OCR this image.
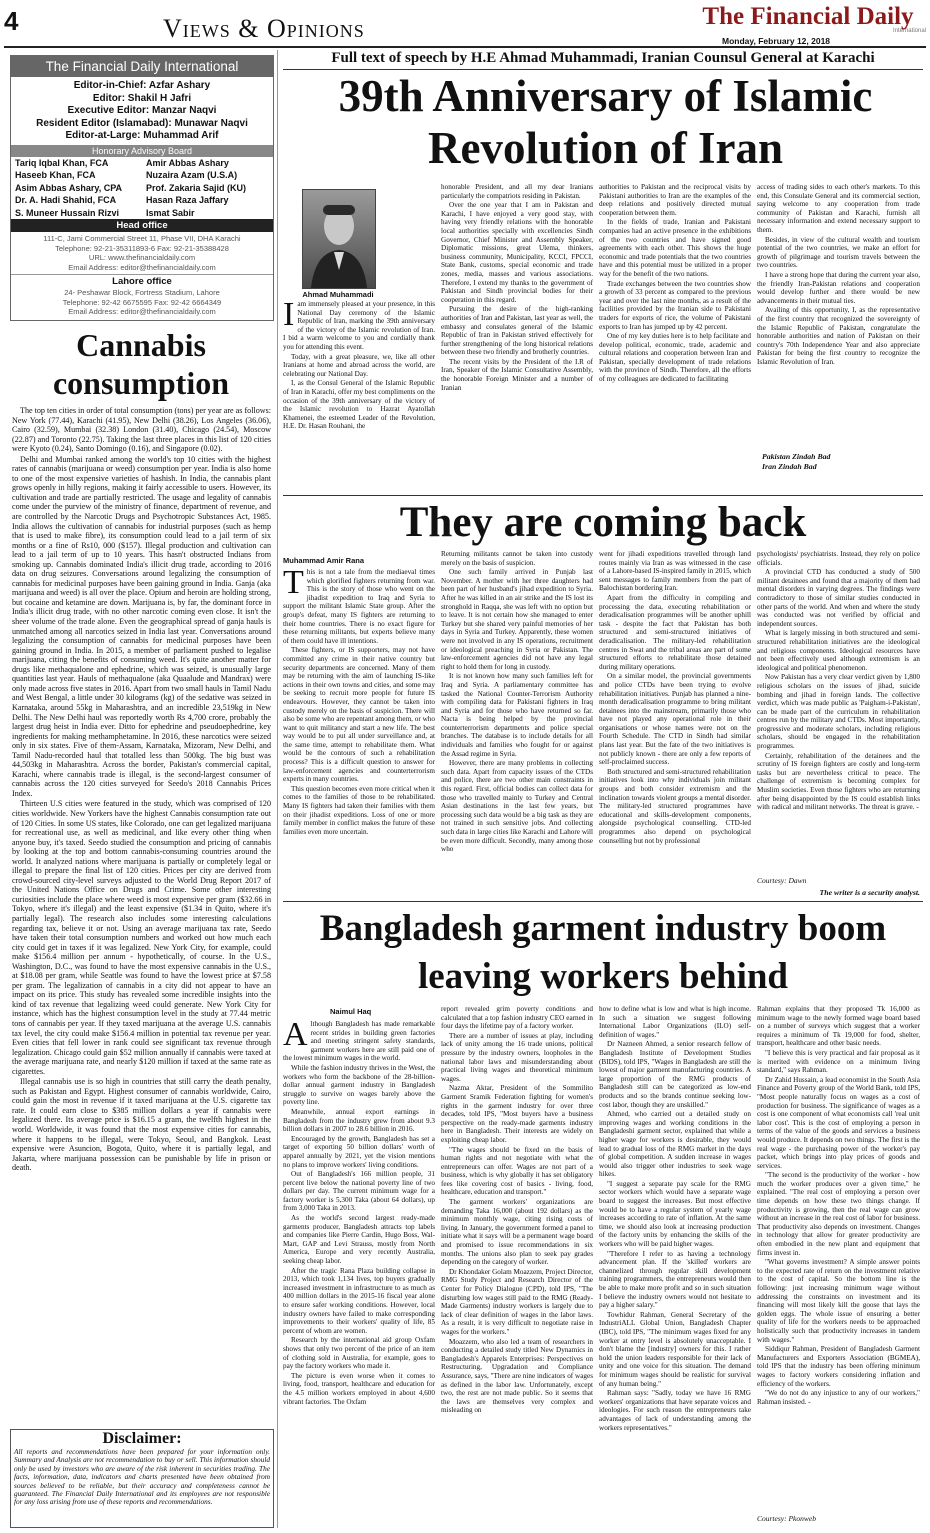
4	Views & Opinions	The Financial Daily
International
Monday, February 12, 2018
The Financial Daily International
Editor-in-Chief: Azfar Ashary
Editor: Shakil H Jafri
Executive Editor: Manzar Naqvi
Resident Editor (Islamabad): Munawar Naqvi
Editor-at-Large: Muhammad Arif
Honorary Advisory Board
Tariq Iqbal Khan, FCA	Amir Abbas Ashary
Haseeb Khan, FCA	Nuzaira Azam (U.S.A)
Asim Abbas Ashary, CPA	Prof. Zakaria Sajid (KU)
Dr. A. Hadi Shahid, FCA	Hasan Raza Jaffary
S. Muneer Hussain Rizvi	Ismat Sabir
Head office
111-C, Jami Commercial Street 11, Phase VII, DHA Karachi
Telephone: 92-21-35311893-6 Fax: 92-21-35388428
URL: www.thefinancialdaily.com
Email Address: editor@thefinancialdaily.com
Lahore office
24- Peshawar Block, Fortress Stadium, Lahore
Telephone: 92-42 6675595 Fax: 92-42 6664349
Email Address: editor@thefinancialdaily.com
Cannabis consumption

The top ten cities in order of total consumption (tons) per year are as follows: New York (77.44), Karachi (41.95), New Delhi (38.26), Los Angeles (36.06), Cairo (32.59), Mumbai (32.38) London (31.40), Chicago (24.54), Moscow (22.87) and Toronto (22.75). Taking the last three places in this list of 120 cities were Kyoto (0.24), Santo Domingo (0.16), and Singapore (0.02).

Delhi and Mumbai ranked among the world's top 10 cities with the highest rates of cannabis (marijuana or weed) consumption per year. India is also home to one of the most expensive varieties of hashish. In India, the cannabis plant grows openly in hilly regions, making it fairly accessible to users. However, its cultivation and trade are partially restricted. The usage and legality of cannabis come under the purview of the ministry of finance, department of revenue, and are controlled by the Narcotic Drugs and Psychotropic Substances Act, 1985. India allows the cultivation of cannabis for industrial purposes (such as hemp that is used to make fibre), its consumption could lead to a jail term of six months or a fine of Rs10, 000 ($157). Illegal production and cultivation can lead to a jail term of up to 10 years. This hasn't obstructed Indians from smoking up. Cannabis dominated India's illicit drug trade, according to 2016 data on drug seizures. Conversations around legalizing the consumption of cannabis for medicinal purposes have been gaining ground in India. Ganja (aka marijuana and weed) is all over the place. Opium and heroin are holding strong, but cocaine and ketamine are down. Marijuana is, by far, the dominant force in India's illicit drug trade, with no other narcotic coming even close. It isn't the sheer volume of the trade alone. Even the geographical spread of ganja hauls is unmatched among all narcotics seized in India last year. Conversations around legalizing the consumption of cannabis for medicinal purposes have been gaining ground in India. In 2015, a member of parliament pushed to legalise marijuana, citing the benefits of consuming weed. It's quite another matter for drugs like methaqualone and ephedrine, which was seized, is unusually large quantities last year. Hauls of methaqualone (aka Quaalude and Mandrax) were only made across five states in 2016. Apart from two small hauls in Tamil Nadu and West Bengal, a little under 30 kilograms (kg) of the sedative was seized in Karnataka, around 55kg in Maharashtra, and an incredible 23,519kg in New Delhi. The New Delhi haul was reportedly worth Rs 4,700 crore, probably the largest drug heist in India ever. Ditto for ephedrine and pseudoephedrine, key ingredients for making methamphetamine. In 2016, these narcotics were seized only in six states. Five of them-Assam, Karnataka, Mizoram, New Delhi, and Tamil Nadu-recorded haul that totalled less than 500kg. The big bust was 44,503kg in Maharashtra. Across the border, Pakistan's commercial capital, Karachi, where cannabis trade is illegal, is the second-largest consumer of cannabis across the 120 cities surveyed for Seedo's 2018 Cannabis Prices Index.

Thirteen U.S cities were featured in the study, which was comprised of 120 cities worldwide. New Yorkers have the highest Cannabis consumption rate out of 120 Cities. In some US states, like Colorado, one can get legalized marijuana for recreational use, as well as medicinal, and like every other thing when anyone buy, it's taxed. Seedo studied the consumption and pricing of cannabis by looking at the top and bottom cannabis-consuming countries around the world. It analyzed nations where marijuana is partially or completely legal or illegal to prepare the final list of 120 cities. Prices per city are derived from crowd-sourced city-level surveys adjusted to the World Drug Report 2017 of the United Nations Office on Drugs and Crime. Some other interesting curiosities include the place where weed is most expensive per gram ($32.66 in Tokyo, where it's illegal) and the least expensive ($1.34 in Quito, where it's partially legal). The research also includes some interesting calculations regarding tax, believe it or not. Using an average marijuana tax rate, Seedo have taken their total consumption numbers and worked out how much each city could get in taxes if it was legalized. New York City, for example, could make $156.4 million per annum - hypothetically, of course. In the U.S., Washington, D.C., was found to have the most expensive cannabis in the U.S., at $18.08 per gram, while Seattle was found to have the lowest price at $7.58 per gram. The legalization of cannabis in a city did not appear to have an impact on its price. This study has revealed some incredible insights into the kind of tax revenue that legalizing weed could generate. New York City for instance, which has the highest consumption level in the study at 77.44 metric tons of cannabis per year. If they taxed marijuana at the average U.S. cannabis tax level, the city could make $156.4 million in potential tax revenue per year. Even cities that fell lower in rank could see significant tax revenue through legalization. Chicago could gain $52 million annually if cannabis were taxed at the average marijuana rate, and nearly $120 million if taxed at the same rate as cigarettes.

Illegal cannabis use is so high in countries that still carry the death penalty, such as Pakistan and Egypt. Highest consumer of cannabis worldwide, Cairo, could gain the most in revenue if it taxed marijuana at the U.S. cigarette tax rate. It could earn close to $385 million dollars a year if cannabis were legalized there. Its average price is $16.15 a gram, the twelfth highest in the world. Worldwide, it was found that the most expensive cities for cannabis, where it happens to be illegal, were Tokyo, Seoul, and Bangkok. Least expensive were Asuncion, Bogota, Quito, where it is partially legal, and Jakarta, where marijuana possession can be punishable by life in prison or death.

Disclaimer:
All reports and recommendations have been prepared for your information only. Summary and Analysis are not recommendation to buy or sell. This information should only be used by investors who are aware of the risk inherent in securities trading. The facts, information, data, indicators and charts presented have been obtained from sources believed to be reliable, but their accuracy and completeness cannot be guaranteed. The Financial Daily International and its employees are not responsible for any loss arising from use of these reports and recommendations.
Full text of speech by H.E Ahmad Muhammadi, Iranian Counsul General at Karachi
39th Anniversary of Islamic Revolution of Iran
Ahmad Muhammadi

I am immensely pleased at your presence, in this National Day ceremony of the Islamic Republic of Iran, marking the 39th anniversary of the victory of the Islamic revolution of Iran. I bid a warm welcome to you and cordially thank you for attending this event.

Today, with a great pleasure, we, like all other Iranians at home and abroad across the world, are celebrating our National Day.

I, as the Consul General of the Islamic Republic of Iran in Karachi, offer my best compliments on the occasion of the 39th anniversary of the victory of the Islamic revolution to Hazrat Ayatollah Khamenei, the esteemed Leader of the Revolution, H.E. Dr. Hasan Rouhani, the

honorable President, and all my dear Iranians particularly the compatriots residing in Pakistan.

Over the one year that I am in Pakistan and Karachi, I have enjoyed a very good stay, with having very friendly relations with the honorable local authorities specially with excellencies Sindh Governor, Chief Minister and Assembly Speaker, Diplomatic missions, great Ulema, thinkers, business community, Municipality, KCCI, FPCCI, State Bank, customs, special economic and trade zones, media, masses and various associations. Therefore, I extend my thanks to the government of Pakistan and Sindh provincial bodies for their cooperation in this regard.

Pursuing the desire of the high-ranking authorities of Iran and Pakistan, last year as well, the embassy and consulates general of the Islamic Republic of Iran in Pakistan strived effectively for further strengthening of the long historical relations between these two friendly and brotherly countries.

The recent visits by the President of the I.R of Iran, Speaker of the Islamic Consultative Assembly, the honorable Foreign Minister and a number of Iranian

authorities to Pakistan and the reciprocal visits by Pakistani authorities to Iran are the examples of the deep relations and positively directed mutual cooperation between them.

In the fields of trade, Iranian and Pakistani companies had an active presence in the exhibitions of the two countries and have signed good agreements with each other. This shows the huge economic and trade potentials that the two countries have and this potential must be utilized in a proper way for the benefit of the two nations.

Trade exchanges between the two countries show a growth of 33 percent as compared to the previous year and over the last nine months, as a result of the facilities provided by the Iranian side to Pakistani traders for exports of rice, the volume of Pakistani exports to Iran has jumped up by 42 percent.

One of my key duties here is to help facilitate and develop political, economic, trade, academic and cultural relations and cooperation between Iran and Pakistan, specially development of trade relations with the province of Sindh. Therefore, all the efforts of my colleagues are dedicated to facilitating

access of trading sides to each other's markets. To this end, this Consulate General and its commercial section, saying welcome to any cooperation from trade community of Pakistan and Karachi, furnish all necessary information and extend necessary support to them.

Besides, in view of the cultural wealth and tourism potential of the two countries, we make an effort for growth of pilgrimage and tourism travels between the two countries.

I have a strong hope that during the current year also, the friendly Iran-Pakistan relations and cooperation would develop further and there would be new advancements in their mutual ties.

Availing of this opportunity, I, as the representative of the first country that recognized the sovereignty of the Islamic Republic of Pakistan, congratulate the honorable authorities and nation of Pakistan on their country's 70th Independence Year and also appreciate Pakistan for being the first country to recognize the Islamic Revolution of Iran.

Pakistan Zindah Bad
Iran Zindah Bad
They are coming back
Muhammad Amir Rana

This is not a tale from the mediaeval times which glorified fighters returning from war. This is the story of those who went on the jihadist expedition to Iraq and Syria to support the militant Islamic State group. After the group's defeat, many IS fighters are returning to their home countries. There is no exact figure for these returning militants, but experts believe many of them could have ill intentions.

These fighters, or IS supporters, may not have committed any crime in their native country but security departments are concerned. Many of them may be returning with the aim of launching IS-like actions in their own towns and cities, and some may be seeking to recruit more people for future IS endeavours. However, they cannot be taken into custody merely on the basis of suspicion. There will also be some who are repentant among them, or who want to quit militancy and start a new life. The best way would be to put all under surveillance and, at the same time, attempt to rehabilitate them. What would be the contours of such a rehabilitation process? This is a difficult question to answer for law-enforcement agencies and counterterrorism experts in many countries.

This question becomes even more critical when it comes to the families of those to be rehabilitated. Many IS fighters had taken their families with them on their jihadist expeditions. Loss of one or more family member in conflict makes the future of these families even more uncertain.

Returning militants cannot be taken into custody merely on the basis of suspicion.

One such family arrived in Punjab last November. A mother with her three daughters had been part of her husband's jihad expedition to Syria. After he was killed in an air strike and the IS lost its stronghold in Raqqa, she was left with no option but to leave. It is not certain how she managed to enter Turkey but she shared very painful memories of her days in Syria and Turkey. Apparently, these women were not involved in any IS operations, recruitment or ideological preaching in Syria or Pakistan. The law-enforcement agencies did not have any legal right to hold them for long in custody.

It is not known how many such families left for Iraq and Syria. A parliamentary committee has tasked the National Counter-Terrorism Authority with compiling data for Pakistani fighters in Iraq and Syria and for those who have returned so far. Nacta is being helped by the provincial counterterrorism departments and police special branches. The database is to include details for all individuals and families who fought for or against the Assad regime in Syria.

However, there are many problems in collecting such data. Apart from capacity issues of the CTDs and police, there are two other main constraints in this regard. First, official bodies can collect data for those who travelled mainly to Turkey and Central Asian destinations in the last few years, but processing such data would be a big task as they are not trained in such sensitive jobs. And collecting such data in large cities like Karachi and Lahore will be even more difficult. Secondly, many among those who

went for jihadi expeditions travelled through land routes mainly via Iran as was witnessed in the case of a Lahore-based IS-inspired family in 2015, which sent messages to family members from the part of Balochistan bordering Iran.

Apart from the difficulty in compiling and processing the data, executing rehabilitation or deradicalisation programmes will be another uphill task - despite the fact that Pakistan has both structured and semi-structured initiatives of deradicalisation. The military-led rehabilitation centres in Swat and the tribal areas are part of some structured efforts to rehabilitate those detained during military operations.

On a similar model, the provincial governments and police CTDs have been trying to evolve rehabilitation initiatives. Punjab has planned a nine-month deradicalisation programme to bring militant detainees into the mainstream, primarily those who have not played any operational role in their organisations or whose names were not on the Fourth Schedule. The CTD in Sindh had similar plans last year. But the fate of the two initiatives is not publicly known - there are only a few reports of self-proclaimed success.

Both structured and semi-structured rehabilitation initiatives look into why individuals join militant groups and both consider extremism and the inclination towards violent groups a mental disorder. The military-led structured programmes have educational and skills-development components, alongside psychological counselling. CTD-led programmes also depend on psychological counselling but not by professional

psychologists/ psychiatrists. Instead, they rely on police officials.

A provincial CTD has conducted a study of 500 militant detainees and found that a majority of them had mental disorders in varying degrees. The findings were contradictory to those of similar studies conducted in other parts of the world. And when and where the study was conducted was not verified by official and independent sources.

What is largely missing in both structured and semi-structured rehabilitation initiatives are the ideological and religious components. Ideological resources have not been effectively used although extremism is an ideological and political phenomenon.

Now Pakistan has a very clear verdict given by 1,800 religious scholars on the issues of jihad, suicide bombing and jihad in foreign lands. The collective verdict, which was made public as 'Paigham-i-Pakistan', can be made part of the curriculum in rehabilitation centres run by the military and CTDs. Most importantly, progressive and moderate scholars, including religious scholars, should be engaged in the rehabilitation programmes.

Certainly, rehabilitation of the detainees and the scrutiny of IS foreign fighters are costly and long-term tasks but are nevertheless critical to peace. The challenge of extremism is becoming complex for Muslim societies. Even those fighters who are returning after being disappointed by the IS could establish links with radical and militant networks. The threat is grave. -

Courtesy: Dawn
The writer is a security analyst.
Bangladesh garment industry boom leaving workers behind
Naimul Haq

Although Bangladesh has made remarkable recent strides in building green factories and meeting stringent safety standards, garment workers here are still paid one of the lowest minimum wages in the world.

While the fashion industry thrives in the West, the workers who form the backbone of the 28-billion-dollar annual garment industry in Bangladesh struggle to survive on wages barely above the poverty line.

Meanwhile, annual export earnings in Bangladesh from the industry grew from about 9.3 billion dollars in 2007 to 28.6 billion in 2016.

Encouraged by the growth, Bangladesh has set a target of exporting 50 billion dollars' worth of apparel annually by 2021, yet the vision mentions no plans to improve workers' living conditions.

Out of Bangladesh's 166 million people, 31 percent live below the national poverty line of two dollars per day. The current minimum wage for a factory worker is 5,300 Taka (about 64 dollars), up from 3,000 Taka in 2013.

As the world's second largest ready-made garments producer, Bangladesh attracts top labels and companies like Pierre Cardin, Hugo Boss, Wal-Mart, GAP and Levi Strauss, mostly from North America, Europe and very recently Australia, seeking cheap labor.

After the tragic Rana Plaza building collapse in 2013, which took 1,134 lives, top buyers gradually increased investment in infrastructure to as much as 400 million dollars in the 2015-16 fiscal year alone to ensure safer working conditions. However, local industry owners have failed to make corresponding improvements to their workers' quality of life, 85 percent of whom are women.

Research by the international aid group Oxfam shows that only two percent of the price of an item of clothing sold in Australia, for example, goes to pay the factory workers who made it.

The picture is even worse when it comes to living, food, transport, healthcare and education for the 4.5 million workers employed in about 4,600 vibrant factories. The Oxfam

report revealed grim poverty conditions and calculated that a top fashion industry CEO earned in four days the lifetime pay of a factory worker.

There are a number of issues at play, including lack of unity among the 16 trade unions, political pressure by the industry owners, loopholes in the national labor laws and misunderstanding about practical living wages and theoretical minimum wages.

Nazma Aktar, President of the Sommilito Garment Sramik Federation fighting for women's rights in the garment industry for over three decades, told IPS, "Most buyers have a business perspective on the ready-made garments industry here in Bangladesh. Their interests are widely on exploiting cheap labor.

"The wages should be fixed on the basis of human rights and not negotiate with what the entrepreneurs can offer. Wages are not part of a business, which is why globally it has set obligatory fees like covering cost of basics - living, food, healthcare, education and transport."

The garment workers' organizations are demanding Taka 16,000 (about 192 dollars) as the minimum monthly wage, citing rising costs of living. In January, the government formed a panel to initiate what it says will be a permanent wage board and promised to issue recommendations in six months. The unions also plan to seek pay grades depending on the category of worker.

Dr Khondaker Golam Moazzem, Project Director, RMG Study Project and Research Director of the Center for Policy Dialogue (CPD), told IPS, "The disturbing low wages still paid to the RMG (Ready-Made Garments) industry workers is largely due to lack of clear definition of wages in the labor laws. As a result, it is very difficult to negotiate raise in wages for the workers."

Moazzem, who also led a team of researchers in conducting a detailed study titled New Dynamics in Bangladesh's Apparels Enterprises: Perspectives on Restructuring, Upgradation and Compliance Assurance, says, "There are nine indicators of wages as defined in the labor law. Unfortunately, except two, the rest are not made public. So it seems that the laws are themselves very complex and misleading on

how to define what is low and what is high income. In such a situation we suggest following International Labor Organizations (ILO) self-definition of wages."

Dr Nazneen Ahmed, a senior research fellow of Bangladesh Institute of Development Studies (BIDS), told IPS, "Wages in Bangladesh are still the lowest of major garment manufacturing countries. A large proportion of the RMG products of Bangladesh still can be categorized as low-end products and so the brands continue seeking low-cost labor, though they are unskilled."

Ahmed, who carried out a detailed study on improving wages and working conditions in the Bangladeshi garment sector, explained that while a higher wage for workers is desirable, they would lead to gradual loss of the RMG market in the days of global competition. A sudden increase in wages would also trigger other industries to seek wage hikes.

"I suggest a separate pay scale for the RMG sector workers which would have a separate wage board to suggest the increases. But most effective would be to have a regular system of yearly wage increases according to rate of inflation. At the same time, we should also look at increasing production of the factory units by enhancing the skills of the workers who will be paid higher wages.

"Therefore I refer to as having a technology advancement plan. If the 'skilled' workers are channelized through regular skill development training programmers, the entrepreneurs would then be able to make more profit and so in such situation I believe the industry owners would not hesitate to pay a higher salary."

Towhidur Rahman, General Secretary of the IndustriALL Global Union, Bangladesh Chapter (IBC), told IPS, "The minimum wages fixed for any worker at entry level is absolutely unacceptable. I don't blame the [industry] owners for this. I rather hold the union leaders responsible for their lack of unity and one voice for this situation. The demand for minimum wages should be realistic for survival of any human being."

Rahman says: "Sadly, today we have 16 RMG workers' organizations that have separate voices and ideologies. For such reason the entrepreneurs take advantages of lack of understanding among the workers representatives."

Rahman explains that they proposed Tk 16,000 as minimum wage to the newly formed wage board based on a number of surveys which suggest that a worker requires a minimum of Tk 19,000 for food, shelter, transport, healthcare and other basic needs.

"I believe this is very practical and fair proposal as it is merited with evidence on a minimum living standard," says Rahman.

Dr Zahid Hussain, a lead economist in the South Asia Finance and Poverty group of the World Bank, told IPS, "Most people naturally focus on wages as a cost of production for business. The significance of wages as a cost is one component of what economists call 'real unit labor cost'. This is the cost of employing a person in terms of the value of the goods and services a business would produce. It depends on two things. The first is the real wage - the purchasing power of the worker's pay packet, which brings into play prices of goods and services.

"The second is the productivity of the worker - how much the worker produces over a given time," he explained. "The real cost of employing a person over time depends on how these two things change. If productivity is growing, then the real wage can grow without an increase in the real cost of labor for business. That productivity also depends on investment. Changes in technology that allow for greater productivity are often embodied in the new plant and equipment that firms invest in.

"What governs investment? A simple answer points to the expected rate of return on the investment relative to the cost of capital. So the bottom line is the following: just increasing minimum wage without addressing the constraints on investment and its financing will most likely kill the goose that lays the golden eggs. The whole issue of ensuring a better quality of life for the workers needs to be approached holistically such that productivity increases in tandem with wages."

Siddiqur Rahman, President of Bangladesh Garment Manufacturers and Exporters Association (BGMEA), told IPS that the industry has been offering minimum wages to factory workers considering inflation and efficiency of the workers.

"We do not do any injustice to any of our workers," Rahman insisted. -

Courtesy: Pkonweb
